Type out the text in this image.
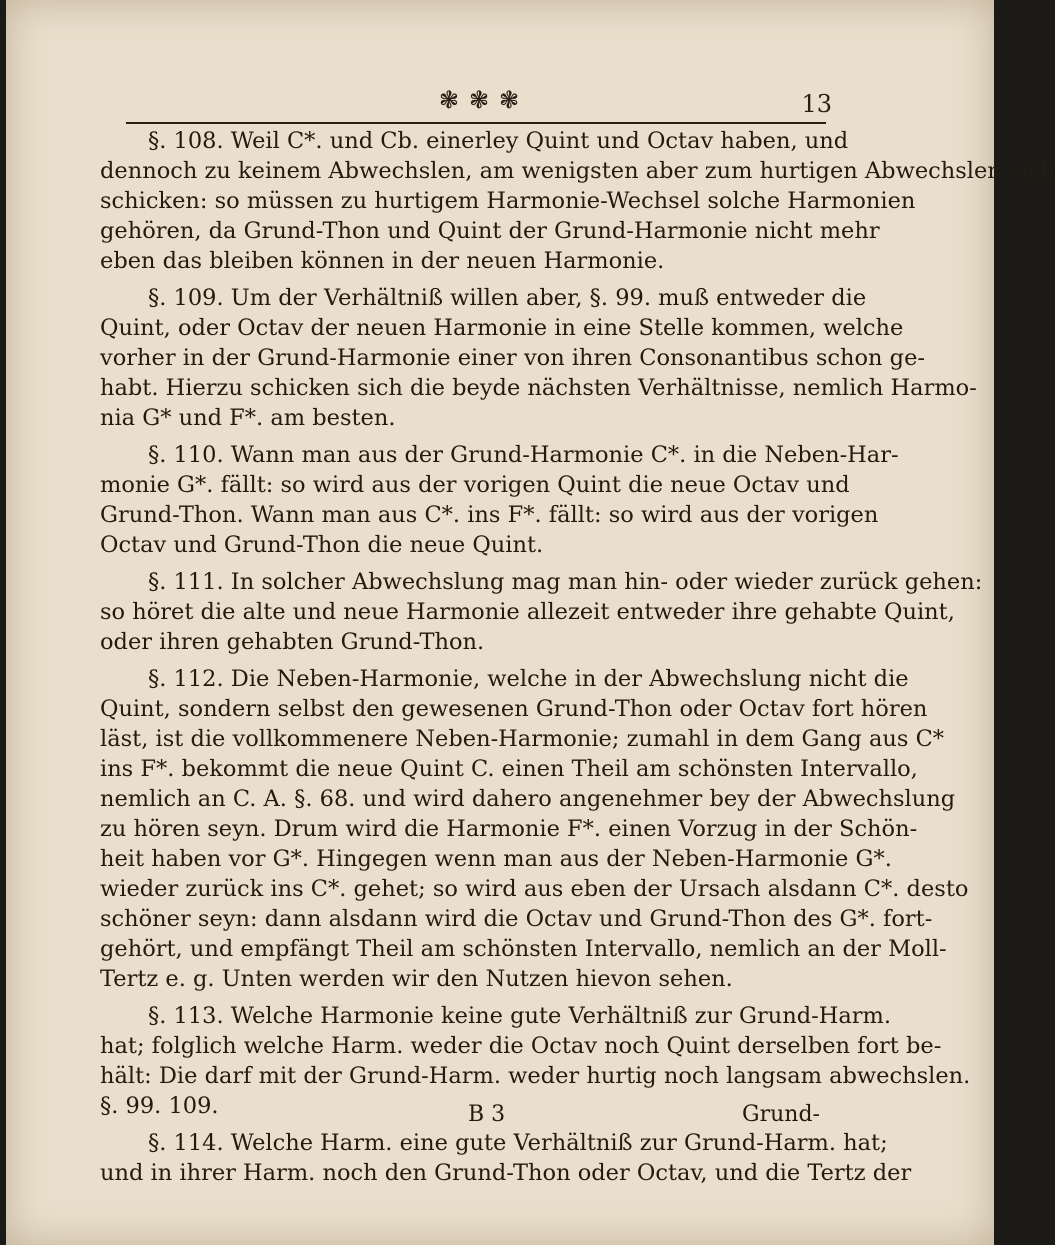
❃❃❃	13
§. 108. Weil C*. und Cb. einerley Quint und Octav haben, und
dennoch zu keinem Abwechslen, am wenigsten aber zum hurtigen Abwechslen sich
schicken: so müssen zu hurtigem Harmonie-Wechsel solche Harmonien
gehören, da Grund-Thon und Quint der Grund-Harmonie nicht mehr
eben das bleiben können in der neuen Harmonie.
§. 109. Um der Verhältniß willen aber, §. 99. muß entweder die
Quint, oder Octav der neuen Harmonie in eine Stelle kommen, welche
vorher in der Grund-Harmonie einer von ihren Consonantibus schon ge-
habt. Hierzu schicken sich die beyde nächsten Verhältnisse, nemlich Harmo-
nia G* und F*. am besten.
§. 110. Wann man aus der Grund-Harmonie C*. in die Neben-Har-
monie G*. fällt: so wird aus der vorigen Quint die neue Octav und
Grund-Thon. Wann man aus C*. ins F*. fällt: so wird aus der vorigen
Octav und Grund-Thon die neue Quint.
§. 111. In solcher Abwechslung mag man hin- oder wieder zurück gehen:
so höret die alte und neue Harmonie allezeit entweder ihre gehabte Quint,
oder ihren gehabten Grund-Thon.
§. 112. Die Neben-Harmonie, welche in der Abwechslung nicht die
Quint, sondern selbst den gewesenen Grund-Thon oder Octav fort hören
läst, ist die vollkommenere Neben-Harmonie; zumahl in dem Gang aus C*
ins F*. bekommt die neue Quint C. einen Theil am schönsten Intervallo,
nemlich an C. A. §. 68. und wird dahero angenehmer bey der Abwechslung
zu hören seyn. Drum wird die Harmonie F*. einen Vorzug in der Schön-
heit haben vor G*. Hingegen wenn man aus der Neben-Harmonie G*.
wieder zurück ins C*. gehet; so wird aus eben der Ursach alsdann C*. desto
schöner seyn: dann alsdann wird die Octav und Grund-Thon des G*. fort-
gehört, und empfängt Theil am schönsten Intervallo, nemlich an der Moll-
Tertz e. g. Unten werden wir den Nutzen hievon sehen.
§. 113. Welche Harmonie keine gute Verhältniß zur Grund-Harm.
hat; folglich welche Harm. weder die Octav noch Quint derselben fort be-
hält: Die darf mit der Grund-Harm. weder hurtig noch langsam abwechslen.
§. 99. 109.
§. 114. Welche Harm. eine gute Verhältniß zur Grund-Harm. hat;
und in ihrer Harm. noch den Grund-Thon oder Octav, und die Tertz der
B 3	Grund-
